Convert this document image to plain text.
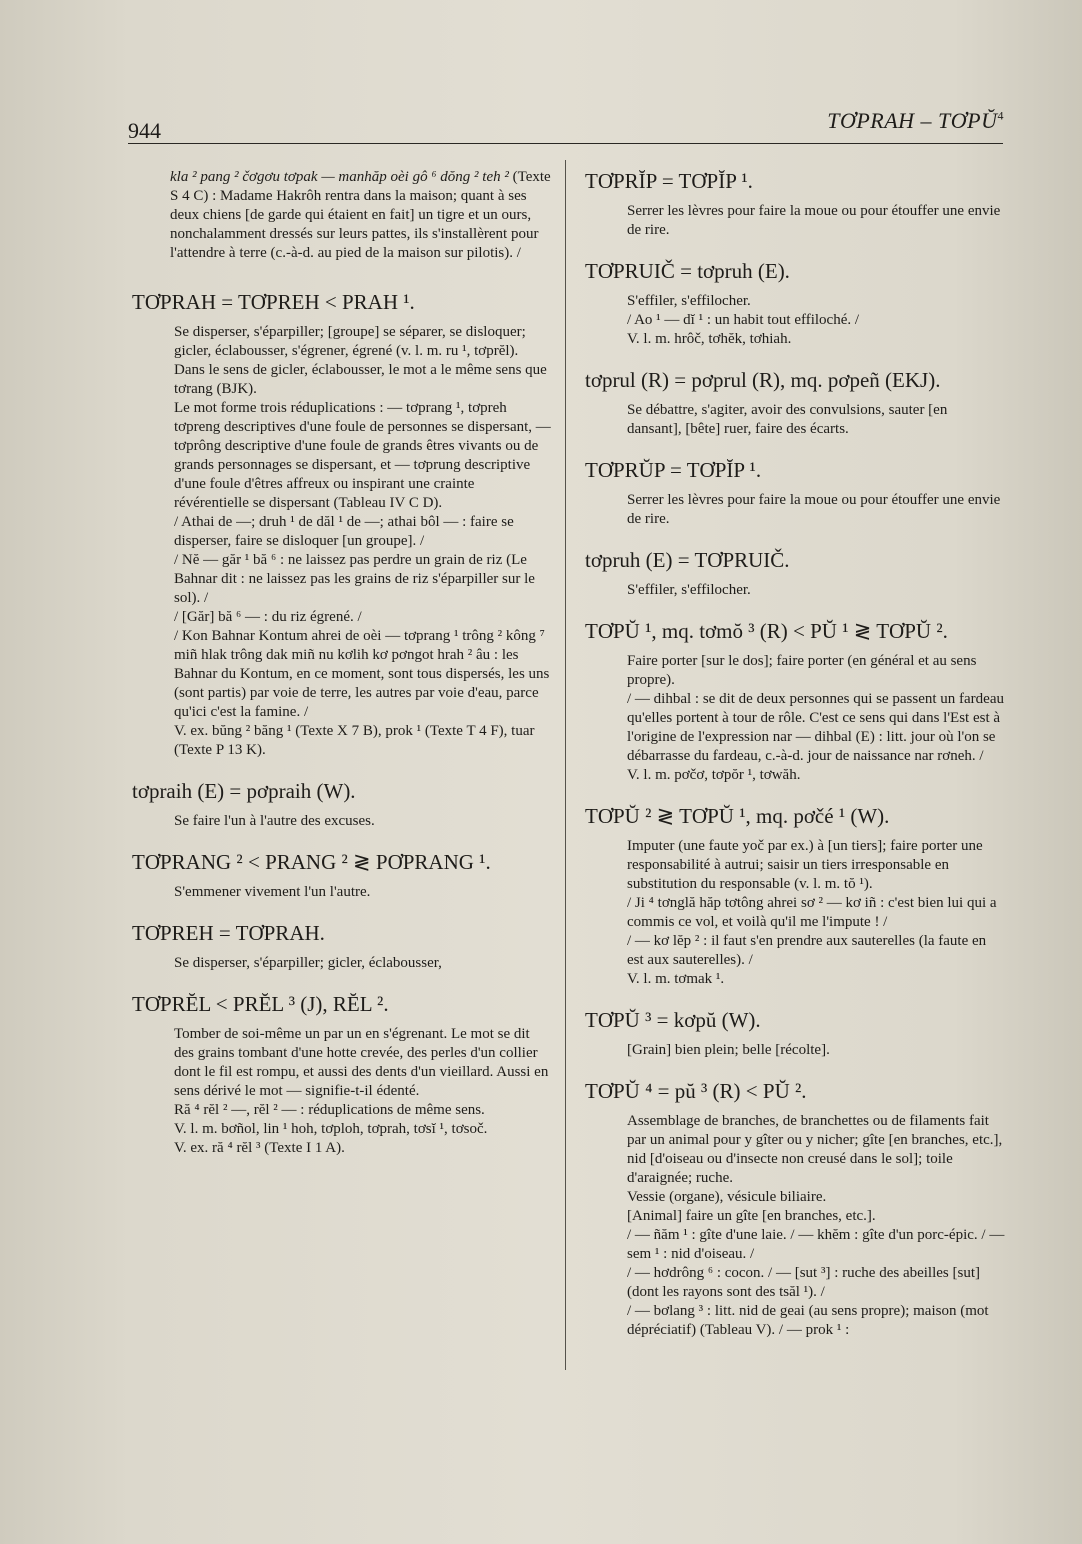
944	TƠPRAH – TƠPŬ$^4$
kla ² pang ² čơgơu tơpak — manhăp oèi gô ⁶ dŏng ² teh ² (Texte S 4 C) : Madame Hakrôh rentra dans la maison; quant à ses deux chiens [de garde qui étaient en fait] un tigre et un ours, nonchalamment dressés sur leurs pattes, ils s'installèrent pour l'attendre à terre (c.-à-d. au pied de la maison sur pilotis). /
TƠPRAH = TƠPREH < PRAH ¹.

Se disperser, s'éparpiller; [groupe] se séparer, se disloquer;

gicler, éclabousser, s'égrener, égrené (v. l. m. ru ¹, tơprĕl).

Dans le sens de gicler, éclabousser, le mot a le même sens que tơrang (BJK).

Le mot forme trois réduplications : — tơprang ¹, tơpreh tơpreng descriptives d'une foule de personnes se dispersant, — tơprông descriptive d'une foule de grands êtres vivants ou de grands personnages se dispersant, et — tơprung descriptive d'une foule d'êtres affreux ou inspirant une crainte révérentielle se dispersant (Tableau IV C D).

/ Athai de —; druh ¹ de dăl ¹ de —; athai bôl — : faire se disperser, faire se disloquer [un groupe]. /

/ Nĕ — găr ¹ bă ⁶ : ne laissez pas perdre un grain de riz (Le Bahnar dit : ne laissez pas les grains de riz s'éparpiller sur le sol). /

/ [Găr] bă ⁶ — : du riz égrené. /

/ Kon Bahnar Kontum ahrei de oèi — tơprang ¹ trông ² kông ⁷ miñ hlak trông dak miñ nu kơlih kơ pơngot hrah ² âu : les Bahnar du Kontum, en ce moment, sont tous dispersés, les uns (sont partis) par voie de terre, les autres par voie d'eau, parce qu'ici c'est la famine. /

V. ex. bŭng ² băng ¹ (Texte X 7 B), prok ¹ (Texte T 4 F), tuar (Texte P 13 K).

tơpraih (E) = pơpraih (W).

Se faire l'un à l'autre des excuses.

TƠPRANG ² < PRANG ² ≷ PƠPRANG ¹.

S'emmener vivement l'un l'autre.

TƠPREH = TƠPRAH.

Se disperser, s'éparpiller; gicler, éclabousser,

TƠPRĔL < PRĔL ³ (J), RĔL ².

Tomber de soi-même un par un en s'égrenant. Le mot se dit des grains tombant d'une hotte crevée, des perles d'un collier dont le fil est rompu, et aussi des dents d'un vieillard. Aussi en sens dérivé le mot — signifie-t-il édenté.

Ră ⁴ rĕl ² —, rĕl ² — : réduplications de même sens.

V. l. m. bơñol, lin ¹ hoh, tơploh, tơprah, tơsĭ ¹, tơsoč.

V. ex. ră ⁴ rĕl ³ (Texte I 1 A).

TƠPRĬP = TƠPĬP ¹.

Serrer les lèvres pour faire la moue ou pour étouffer une envie de rire.

TƠPRUIČ = tơpruh (E).

S'effiler, s'effilocher.

/ Ao ¹ — dĭ ¹ : un habit tout effiloché. /

V. l. m. hrôč, tơhĕk, tơhiah.

tơprul (R) = pơprul (R), mq. pơpeñ (EKJ).

Se débattre, s'agiter, avoir des convulsions, sauter [en dansant], [bête] ruer, faire des écarts.

TƠPRŬP = TƠPĬP ¹.

Serrer les lèvres pour faire la moue ou pour étouffer une envie de rire.

tơpruh (E) = TƠPRUIČ.

S'effiler, s'effilocher.

TƠPŬ ¹, mq. tơmŏ ³ (R) < PŬ ¹ ≷ TƠPŬ ².

Faire porter [sur le dos]; faire porter (en général et au sens propre).

/ — dihbal : se dit de deux personnes qui se passent un fardeau qu'elles portent à tour de rôle. C'est ce sens qui dans l'Est est à l'origine de l'expression nar — dihbal (E) : litt. jour où l'on se débarrasse du fardeau, c.-à-d. jour de naissance nar rơneh. /

V. l. m. pơčơ, tơpŏr ¹, tơwăh.

TƠPŬ ² ≷ TƠPŬ ¹, mq. pơčé ¹ (W).

Imputer (une faute yoč par ex.) à [un tiers]; faire porter une responsabilité à autrui; saisir un tiers irresponsable en substitution du responsable (v. l. m. tŏ ¹).

/ Ji ⁴ tơnglă hăp tơtông ahrei sơ ² — kơ iñ : c'est bien lui qui a commis ce vol, et voilà qu'il me l'impute ! /

/ — kơ lĕp ² : il faut s'en prendre aux sauterelles (la faute en est aux sauterelles). /

V. l. m. tơmak ¹.

TƠPŬ ³ = kơpŭ (W).

[Grain] bien plein; belle [récolte].

TƠPŬ ⁴ = pŭ ³ (R) < PŬ ².

Assemblage de branches, de branchettes ou de filaments fait par un animal pour y gîter ou y nicher; gîte [en branches, etc.], nid [d'oiseau ou d'insecte non creusé dans le sol]; toile d'araignée; ruche.

Vessie (organe), vésicule biliaire.

[Animal] faire un gîte [en branches, etc.].

/ — ñăm ¹ : gîte d'une laie. / — khĕm : gîte d'un porc-épic. / — sem ¹ : nid d'oiseau. /

/ — hơdrông ⁶ : cocon. / — [sut ³] : ruche des abeilles [sut] (dont les rayons sont des tsăl ¹). /

/ — bơlang ³ : litt. nid de geai (au sens propre); maison (mot dépréciatif) (Tableau V). / — prok ¹ :
